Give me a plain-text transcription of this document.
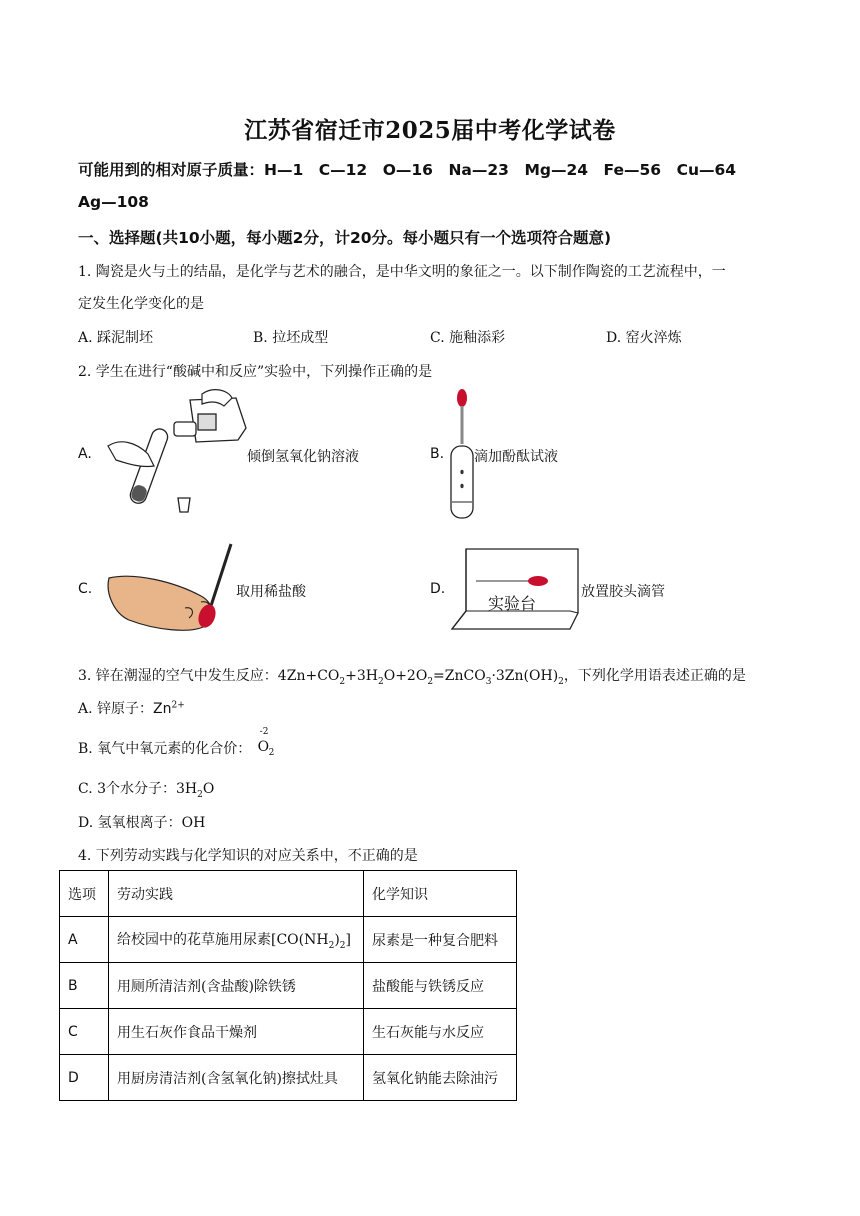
江苏省宿迁市2025届中考化学试卷
可能用到的相对原子质量：H—1　C—12　O—16　Na—23　Mg—24　Fe—56　Cu—64
Ag—108
一、选择题(共10小题，每小题2分，计20分。每小题只有一个选项符合题意)
1. 陶瓷是火与土的结晶，是化学与艺术的融合，是中华文明的象征之一。以下制作陶瓷的工艺流程中，一
定发生化学变化的是
A. 踩泥制坯	B. 拉坯成型	C. 施釉添彩	D. 窑火淬炼
2. 学生在进行“酸碱中和反应”实验中，下列操作正确的是
A.	倾倒氢氧化钠溶液	B. 滴加酚酞试液
C.	取用稀盐酸	D.
实验台
放置胶头滴管
3. 锌在潮湿的空气中发生反应：$4Zn+CO_2+3H_2O+2O_2=ZnCO_3\cdot 3Zn(OH)_2$，下列化学用语表述正确的是
A. 锌原子：$Zn^{2+}$
B. 氧气中氧元素的化合价：
-2
O 2
C. 3个水分子：$3H_2O$
D. 氢氧根离子：OH
4. 下列劳动实践与化学知识的对应关系中，不正确的是
选项	劳动实践	化学知识
A	给校园中的花草施用尿素$[CO(NH_2)_2]$	尿素是一种复合肥料
B	用厕所清洁剂(含盐酸)除铁锈	盐酸能与铁锈反应
C	用生石灰作食品干燥剂	生石灰能与水反应
D	用厨房清洁剂(含氢氧化钠)擦拭灶具	氢氧化钠能去除油污
